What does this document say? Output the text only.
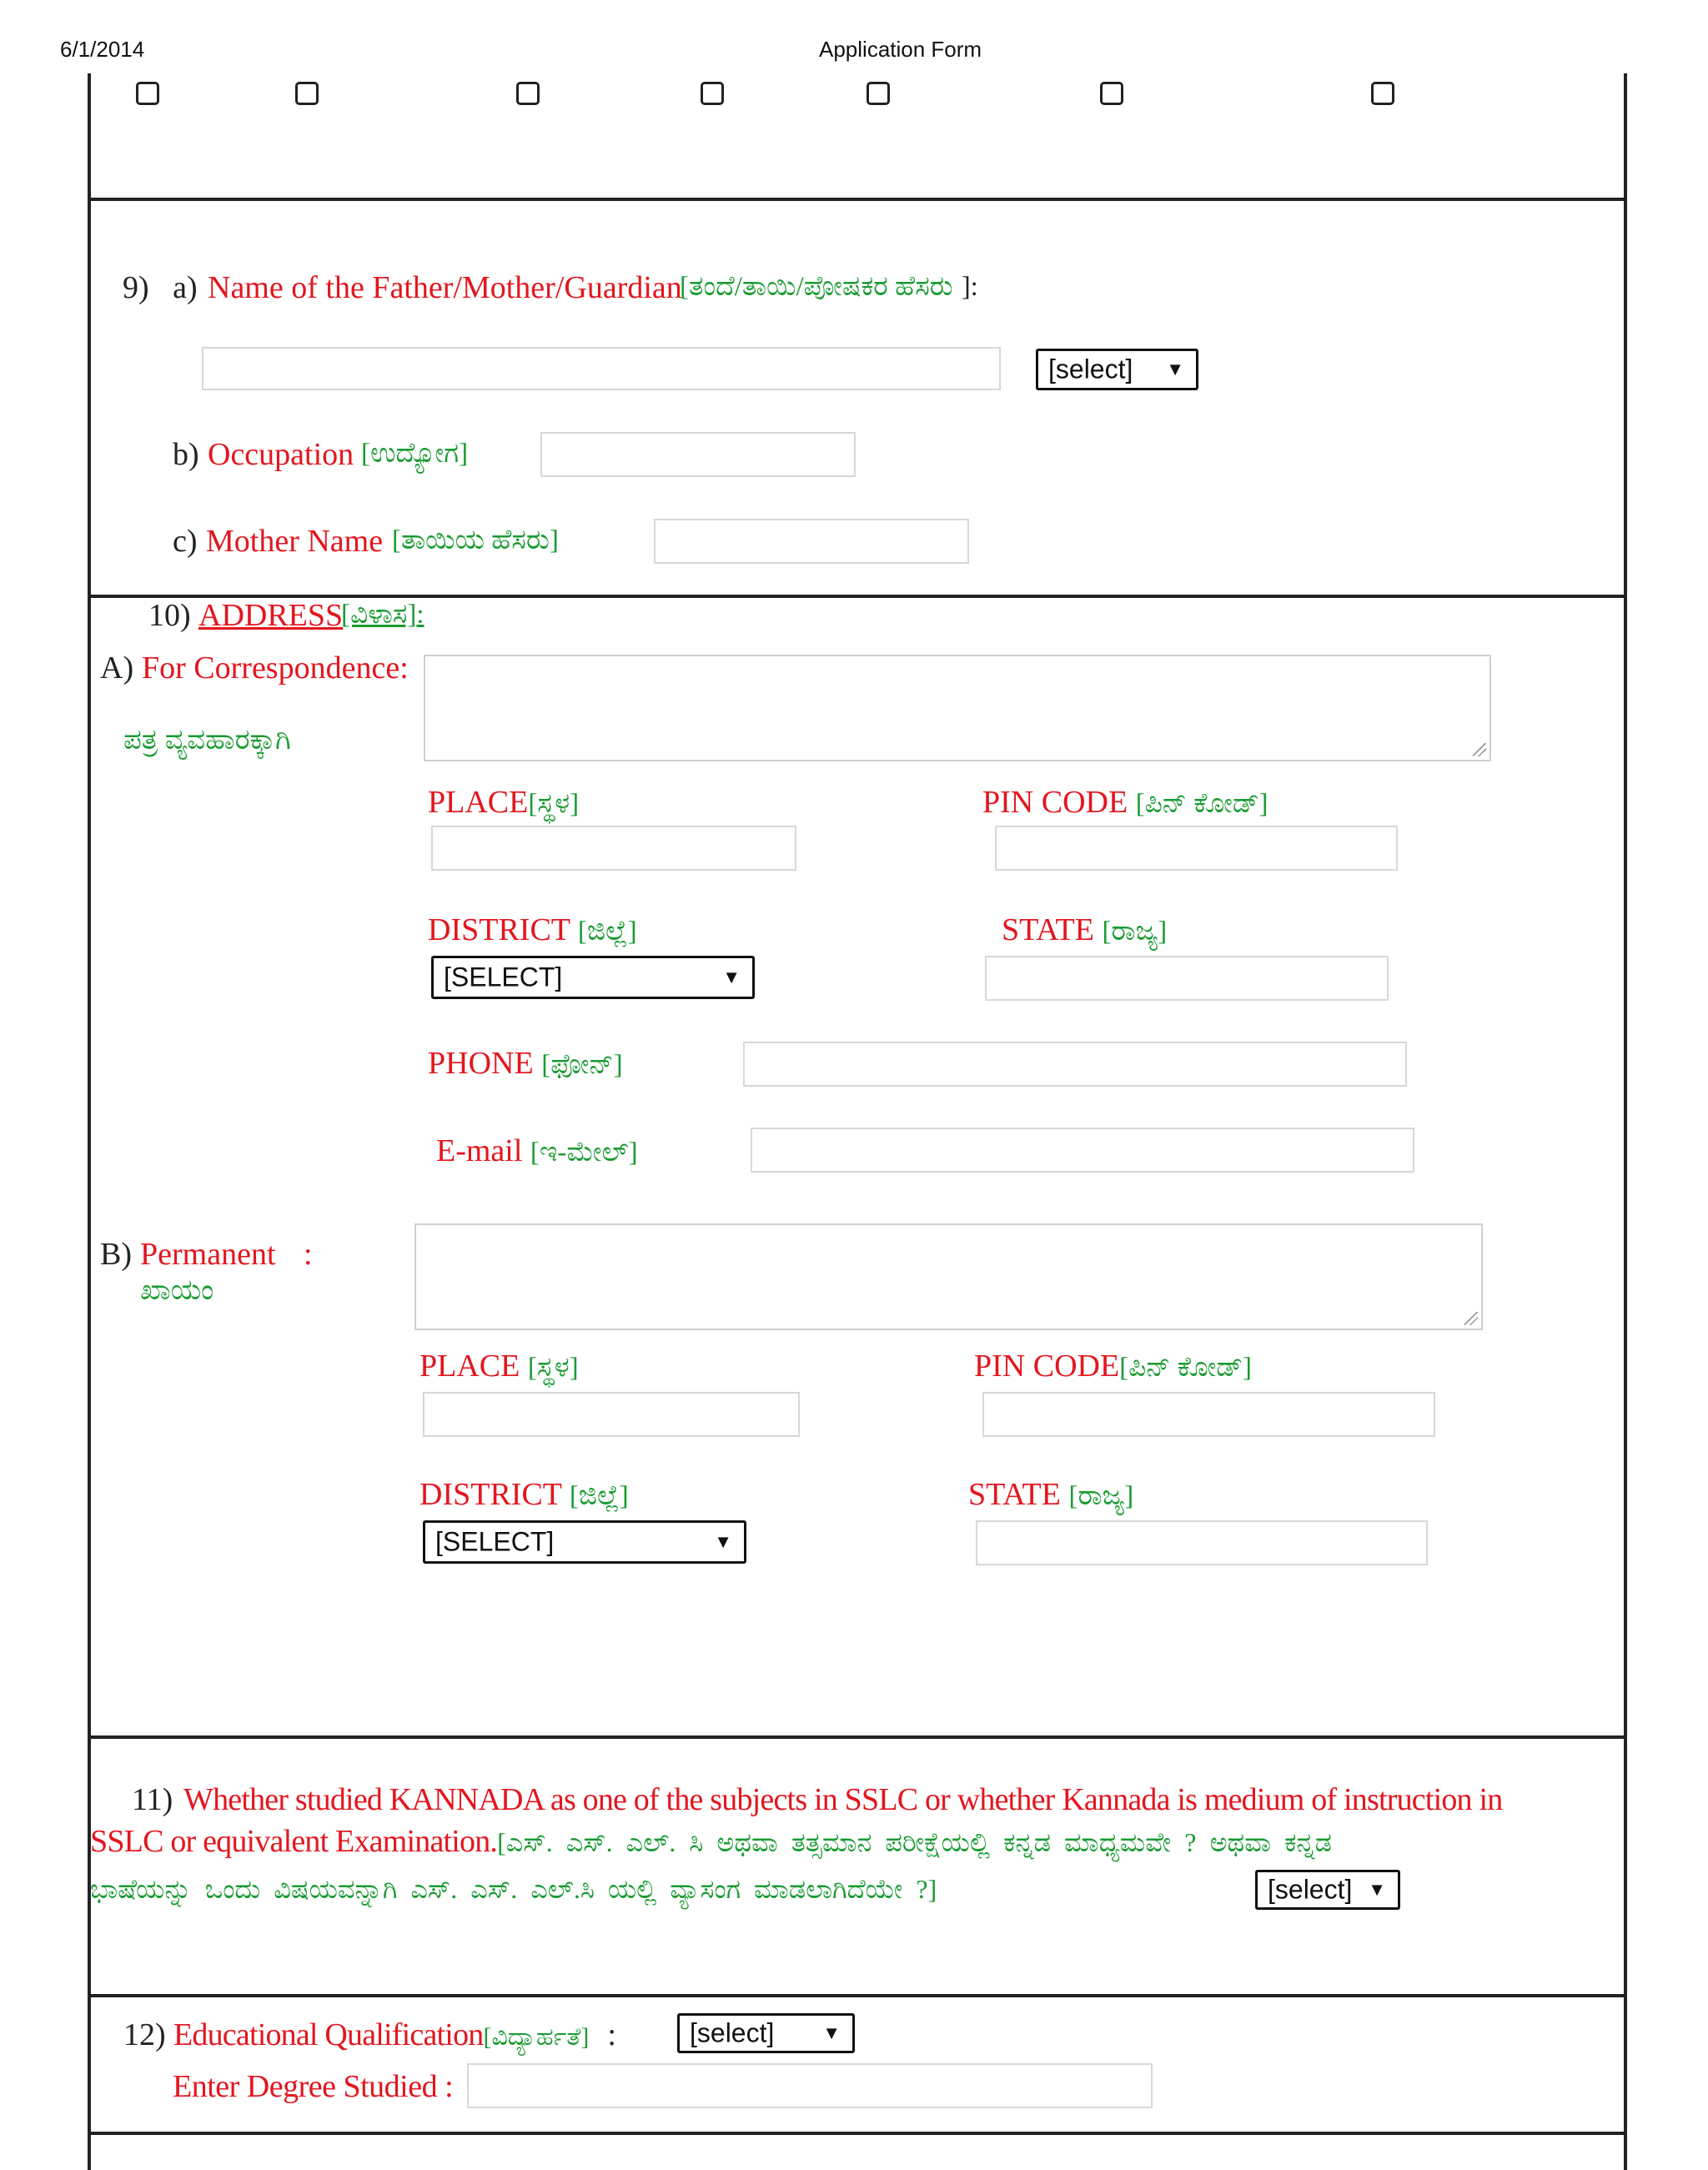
6/1/2014	Application Form
9)   a) Name of the Father/Mother/Guardian
[ತಂದೆ/ತಾಯಿ/ಪೋಷಕರ ಹೆಸರು ]:
[select] ▼
b) Occupation [ಉದ್ಯೋಗ]
c) Mother Name [ತಾಯಿಯ ಹೆಸರು]
10) ADDRESS
[ವಿಳಾಸ]:
A) For Correspondence:
ಪತ್ರ ವ್ಯವಹಾರಕ್ಕಾಗಿ
PLACE[ಸ್ಥಳ]	PIN CODE [ಪಿನ್ ಕೋಡ್]
DISTRICT [ಜಿಲ್ಲೆ]
[SELECT]	▼
STATE [ರಾಜ್ಯ]
PHONE [ಫೋನ್]
E-mail [ಇ-ಮೇಲ್]
B) Permanent :
ಖಾಯಂ
PLACE [ಸ್ಥಳ]	PIN CODE[ಪಿನ್ ಕೋಡ್]
DISTRICT [ಜಿಲ್ಲೆ]
[SELECT]	▼
STATE [ರಾಜ್ಯ]
11) Whether studied KANNADA as one of the subjects in SSLC or whether Kannada is medium of instruction in
SSLC or equivalent Examination.[ಎಸ್. ಎಸ್. ಎಲ್. ಸಿ ಅಥವಾ ತತ್ಸಮಾನ ಪರೀಕ್ಷೆಯಲ್ಲಿ ಕನ್ನಡ ಮಾಧ್ಯಮವೇ ? ಅಥವಾ ಕನ್ನಡ
ಭಾಷೆಯನ್ನು ಒಂದು ವಿಷಯವನ್ನಾಗಿ ಎಸ್. ಎಸ್. ಎಲ್.ಸಿ ಯಲ್ಲಿ ವ್ಯಾಸಂಗ ಮಾಡಲಾಗಿದೆಯೇ ?]	[select] ▼
12) Educational Qualification[ವಿದ್ಯಾರ್ಹತೆ] :	[select]	▼
Enter Degree Studied :
